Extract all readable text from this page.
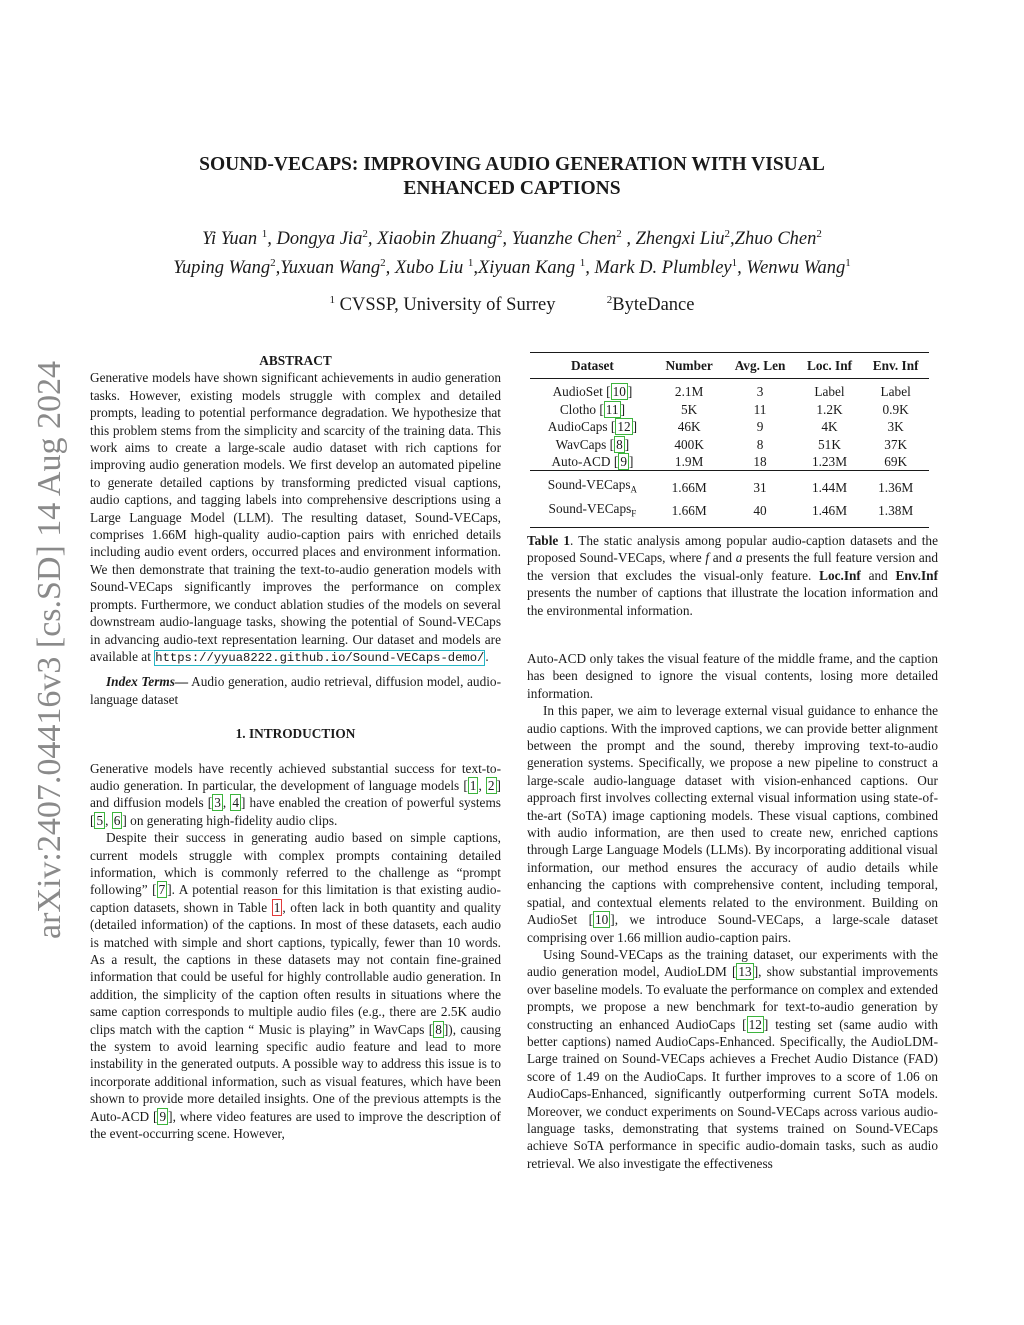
arXiv:2407.04416v3 [cs.SD] 14 Aug 2024
SOUND-VECAPS: IMPROVING AUDIO GENERATION WITH VISUAL
ENHANCED CAPTIONS
Yi Yuan $^1$, Dongya Jia$^2$, Xiaobin Zhuang$^2$, Yuanzhe Chen$^2$ , Zhengxi Liu$^2$,Zhuo Chen$^2$
Yuping Wang$^2$,Yuxuan Wang$^2$, Xubo Liu $^1$,Xiyuan Kang $^1$, Mark D. Plumbley$^1$, Wenwu Wang$^1$
$^1$ CVSSP, University of Surrey	$^2$ByteDance

ABSTRACT

Generative models have shown significant achievements in audio generation tasks. However, existing models struggle with complex and detailed prompts, leading to potential performance degradation. We hypothesize that this problem stems from the simplicity and scarcity of the training data. This work aims to create a large-scale audio dataset with rich captions for improving audio generation models. We first develop an automated pipeline to generate detailed captions by transforming predicted visual captions, audio captions, and tagging labels into comprehensive descriptions using a Large Language Model (LLM). The resulting dataset, Sound-VECaps, comprises 1.66M high-quality audio-caption pairs with enriched details including audio event orders, occurred places and environment information. We then demonstrate that training the text-to-audio generation models with Sound-VECaps significantly improves the performance on complex prompts. Furthermore, we conduct ablation studies of the models on several downstream audio-language tasks, showing the potential of Sound-VECaps in advancing audio-text representation learning. Our dataset and models are available at https://yyua8222.github.io/Sound-VECaps-demo/.

Index Terms— Audio generation, audio retrieval, diffusion model, audio-language dataset

1. INTRODUCTION

Generative models have recently achieved substantial success for text-to-audio generation. In particular, the development of language models [ 1 , 2 ] and diffusion models [ 3 , 4 ] have enabled the creation of powerful systems [ 5 , 6 ] on generating high-fidelity audio clips.

Despite their success in generating audio based on simple captions, current models struggle with complex prompts containing detailed information, which is commonly referred to the challenge as “prompt following” [ 7 ]. A potential reason for this limitation is that existing audio-caption datasets, shown in Table 1 , often lack in both quantity and quality (detailed information) of the captions. In most of these datasets, each audio is matched with simple and short captions, typically, fewer than 10 words. As a result, the captions in these datasets may not contain fine-grained information that could be useful for highly controllable audio generation. In addition, the simplicity of the caption often results in situations where the same caption corresponds to multiple audio files (e.g., there are 2.5K audio clips match with the caption “ Music is playing” in WavCaps [ 8 ]), causing the system to avoid learning specific audio feature and lead to more instability in the generated outputs. A possible way to address this issue is to incorporate additional information, such as visual features, which have been shown to provide more detailed insights. One of the previous attempts is the Auto-ACD [ 9 ], where video features are used to improve the description of the event-occurring scene. However,

Dataset	Number	Avg. Len	Loc. Inf	Env. Inf
AudioSet [ 10 ]	2.1M	3	Label	Label
Clotho [ 11 ]	5K	11	1.2K	0.9K
AudioCaps [ 12 ]	46K	9	4K	3K
WavCaps [ 8 ]	400K	8	51K	37K
Auto-ACD [ 9 ]	1.9M	18	1.23M	69K
Sound-VECaps$_A$	1.66M	31	1.44M	1.36M
Sound-VECaps$_F$	1.66M	40	1.46M	1.38M
Table 1. The static analysis among popular audio-caption datasets and the proposed Sound-VECaps, where f and a presents the full feature version and the version that excludes the visual-only feature. Loc.Inf and Env.Inf presents the number of captions that illustrate the location information and the environmental information.

Auto-ACD only takes the visual feature of the middle frame, and the caption has been designed to ignore the visual contents, losing more detailed information.

In this paper, we aim to leverage external visual guidance to enhance the audio captions. With the improved captions, we can provide better alignment between the prompt and the sound, thereby improving text-to-audio generation systems. Specifically, we propose a new pipeline to construct a large-scale audio-language dataset with vision-enhanced captions. Our approach first involves collecting external visual information using state-of-the-art (SoTA) image captioning models. These visual captions, combined with audio information, are then used to create new, enriched captions through Large Language Models (LLMs). By incorporating additional visual information, our method ensures the accuracy of audio details while enhancing the captions with comprehensive content, including temporal, spatial, and contextual elements related to the environment. Building on AudioSet [ 10 ], we introduce Sound-VECaps, a large-scale dataset comprising over 1.66 million audio-caption pairs.

Using Sound-VECaps as the training dataset, our experiments with the audio generation model, AudioLDM [ 13 ], show substantial improvements over baseline models. To evaluate the performance on complex and extended prompts, we propose a new benchmark for text-to-audio generation by constructing an enhanced AudioCaps [ 12 ] testing set (same audio with better captions) named AudioCaps-Enhanced. Specifically, the AudioLDM-Large trained on Sound-VECaps achieves a Frechet Audio Distance (FAD) score of 1.49 on the AudioCaps. It further improves to a score of 1.06 on AudioCaps-Enhanced, significantly outperforming current SoTA models. Moreover, we conduct experiments on Sound-VECaps across various audio-language tasks, demonstrating that systems trained on Sound-VECaps achieve SoTA performance in specific audio-domain tasks, such as audio retrieval. We also investigate the effectiveness
